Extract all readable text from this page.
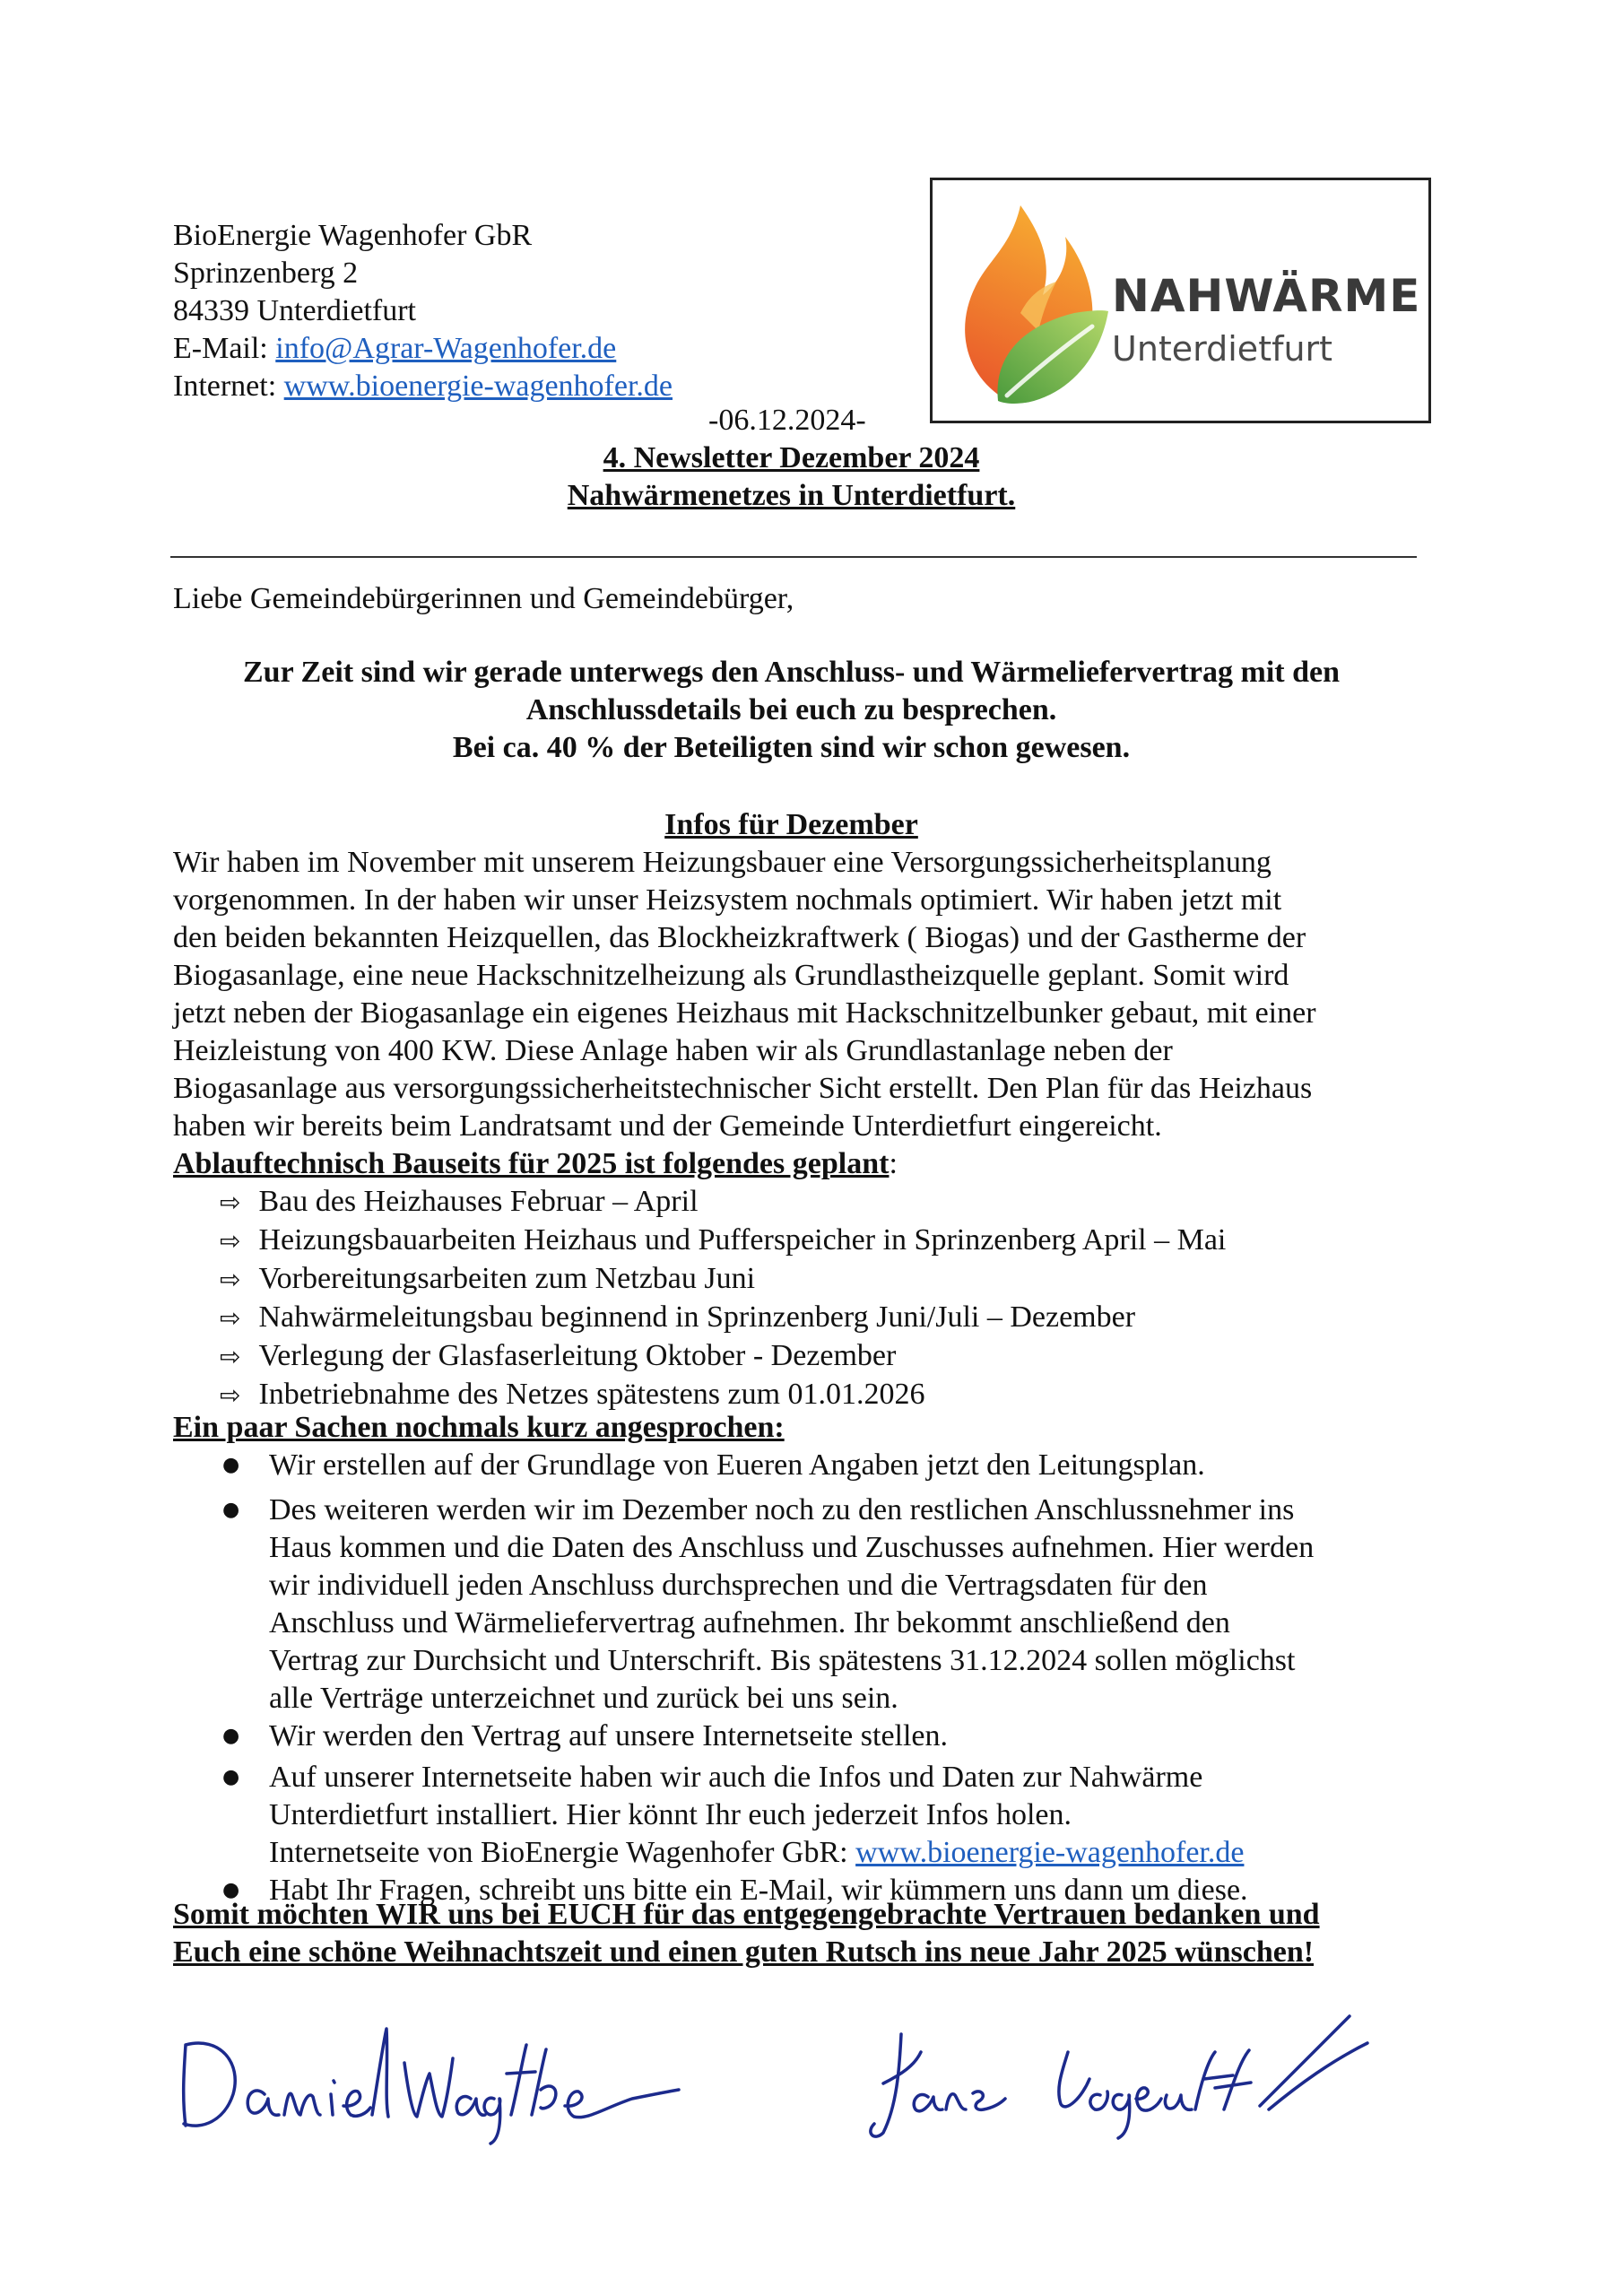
BioEnergie Wagenhofer GbR
Sprinzenberg 2
84339 Unterdietfurt
E-Mail: info@Agrar-Wagenhofer.de
Internet: www.bioenergie-wagenhofer.de
NAHWÄRME
Unterdietfurt
-06.12.2024-
4. Newsletter Dezember 2024
Nahwärmenetzes in Unterdietfurt.
Liebe Gemeindebürgerinnen und Gemeindebürger,
Zur Zeit sind wir gerade unterwegs den Anschluss- und Wärmeliefervertrag mit den
Anschlussdetails bei euch zu besprechen.
Bei ca. 40 % der Beteiligten sind wir schon gewesen.
Infos für Dezember
Wir haben im November mit unserem Heizungsbauer eine Versorgungssicherheitsplanung
vorgenommen. In der haben wir unser Heizsystem nochmals optimiert. Wir haben jetzt mit
den beiden bekannten Heizquellen, das Blockheizkraftwerk ( Biogas) und der Gastherme der
Biogasanlage, eine neue Hackschnitzelheizung als Grundlastheizquelle geplant. Somit wird
jetzt neben der Biogasanlage ein eigenes Heizhaus mit Hackschnitzelbunker gebaut, mit einer
Heizleistung von 400 KW. Diese Anlage haben wir als Grundlastanlage neben der
Biogasanlage aus versorgungssicherheitstechnischer Sicht erstellt. Den Plan für das Heizhaus
haben wir bereits beim Landratsamt und der Gemeinde Unterdietfurt eingereicht.
Ablauftechnisch Bauseits für 2025 ist folgendes geplant:
⇨ Bau des Heizhauses Februar – April
⇨ Heizungsbauarbeiten Heizhaus und Pufferspeicher in Sprinzenberg April – Mai
⇨ Vorbereitungsarbeiten zum Netzbau Juni
⇨ Nahwärmeleitungsbau beginnend in Sprinzenberg Juni/Juli – Dezember
⇨ Verlegung der Glasfaserleitung Oktober - Dezember
⇨ Inbetriebnahme des Netzes spätestens zum 01.01.2026
Ein paar Sachen nochmals kurz angesprochen:
● Wir erstellen auf der Grundlage von Eueren Angaben jetzt den Leitungsplan.
● Des weiteren werden wir im Dezember noch zu den restlichen Anschlussnehmer ins
Haus kommen und die Daten des Anschluss und Zuschusses aufnehmen. Hier werden
wir individuell jeden Anschluss durchsprechen und die Vertragsdaten für den
Anschluss und Wärmeliefervertrag aufnehmen. Ihr bekommt anschließend den
Vertrag zur Durchsicht und Unterschrift. Bis spätestens 31.12.2024 sollen möglichst
alle Verträge unterzeichnet und zurück bei uns sein.
● Wir werden den Vertrag auf unsere Internetseite stellen.
● Auf unserer Internetseite haben wir auch die Infos und Daten zur Nahwärme
Unterdietfurt installiert. Hier könnt Ihr euch jederzeit Infos holen.
Internetseite von BioEnergie Wagenhofer GbR: www.bioenergie-wagenhofer.de
● Habt Ihr Fragen, schreibt uns bitte ein E-Mail, wir kümmern uns dann um diese.
Somit möchten WIR uns bei EUCH für das entgegengebrachte Vertrauen bedanken und
Euch eine schöne Weihnachtszeit und einen guten Rutsch ins neue Jahr 2025 wünschen!
